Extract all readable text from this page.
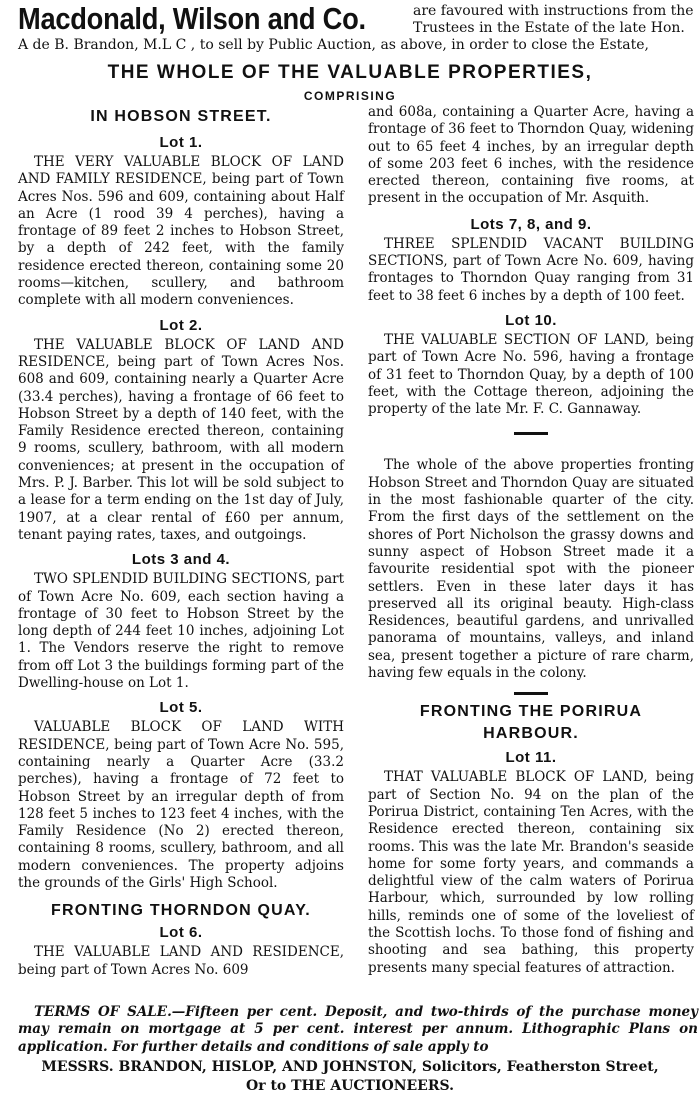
Macdonald, Wilson and Co.	are favoured with instructions from the Trustees in the Estate of the late Hon.
A de B. Brandon, M.L C , to sell by Public Auction, as above, in order to close the Estate,
THE WHOLE OF THE VALUABLE PROPERTIES,
COMPRISING
IN HOBSON STREET.
Lot 1.
THE VERY VALUABLE BLOCK OF LAND AND FAMILY RESIDENCE, being part of Town Acres Nos. 596 and 609, containing about Half an Acre (1 rood 39 4 perches), having a frontage of 89 feet 2 inches to Hobson Street, by a depth of 242 feet, with the family residence erected thereon, containing some 20 rooms—kitchen, scullery, and bathroom complete with all modern conveniences.
Lot 2.
THE VALUABLE BLOCK OF LAND AND RESIDENCE, being part of Town Acres Nos. 608 and 609, containing nearly a Quarter Acre (33.4 perches), having a frontage of 66 feet to Hobson Street by a depth of 140 feet, with the Family Residence erected thereon, containing 9 rooms, scullery, bathroom, with all modern conveniences; at present in the occupation of Mrs. P. J. Barber. This lot will be sold subject to a lease for a term ending on the 1st day of July, 1907, at a clear rental of £60 per annum, tenant paying rates, taxes, and outgoings.
Lots 3 and 4.
TWO SPLENDID BUILDING SECTIONS, part of Town Acre No. 609, each section having a frontage of 30 feet to Hobson Street by the long depth of 244 feet 10 inches, adjoining Lot 1. The Vendors reserve the right to remove from off Lot 3 the buildings forming part of the Dwelling-house on Lot 1.
Lot 5.
VALUABLE BLOCK OF LAND WITH RESIDENCE, being part of Town Acre No. 595, containing nearly a Quarter Acre (33.2 perches), having a frontage of 72 feet to Hobson Street by an irregular depth of from 128 feet 5 inches to 123 feet 4 inches, with the Family Residence (No 2) erected thereon, containing 8 rooms, scullery, bathroom, and all modern conveniences. The property adjoins the grounds of the Girls' High School.
FRONTING THORNDON QUAY.
Lot 6.
THE VALUABLE LAND AND RESIDENCE, being part of Town Acres No. 609
and 608a, containing a Quarter Acre, having a frontage of 36 feet to Thorndon Quay, widening out to 65 feet 4 inches, by an irregular depth of some 203 feet 6 inches, with the residence erected thereon, containing five rooms, at present in the occupation of Mr. Asquith.
Lots 7, 8, and 9.
THREE SPLENDID VACANT BUILDING SECTIONS, part of Town Acre No. 609, having frontages to Thorndon Quay ranging from 31 feet to 38 feet 6 inches by a depth of 100 feet.
Lot 10.
THE VALUABLE SECTION OF LAND, being part of Town Acre No. 596, having a frontage of 31 feet to Thorndon Quay, by a depth of 100 feet, with the Cottage thereon, adjoining the property of the late Mr. F. C. Gannaway.
The whole of the above properties fronting Hobson Street and Thorndon Quay are situated in the most fashionable quarter of the city. From the first days of the settlement on the shores of Port Nicholson the grassy downs and sunny aspect of Hobson Street made it a favourite residential spot with the pioneer settlers. Even in these later days it has preserved all its original beauty. High-class Residences, beautiful gardens, and unrivalled panorama of mountains, valleys, and inland sea, present together a picture of rare charm, having few equals in the colony.
FRONTING THE PORIRUA HARBOUR.
Lot 11.
THAT VALUABLE BLOCK OF LAND, being part of Section No. 94 on the plan of the Porirua District, containing Ten Acres, with the Residence erected thereon, containing six rooms. This was the late Mr. Brandon's seaside home for some forty years, and commands a delightful view of the calm waters of Porirua Harbour, which, surrounded by low rolling hills, reminds one of some of the loveliest of the Scottish lochs. To those fond of fishing and shooting and sea bathing, this property presents many special features of attraction.
TERMS OF SALE.—Fifteen per cent. Deposit, and two-thirds of the purchase money may remain on mortgage at 5 per cent. interest per annum. Lithographic Plans on application. For further details and conditions of sale apply to
MESSRS. BRANDON, HISLOP, AND JOHNSTON, Solicitors, Featherston Street,
Or to THE AUCTIONEERS.
